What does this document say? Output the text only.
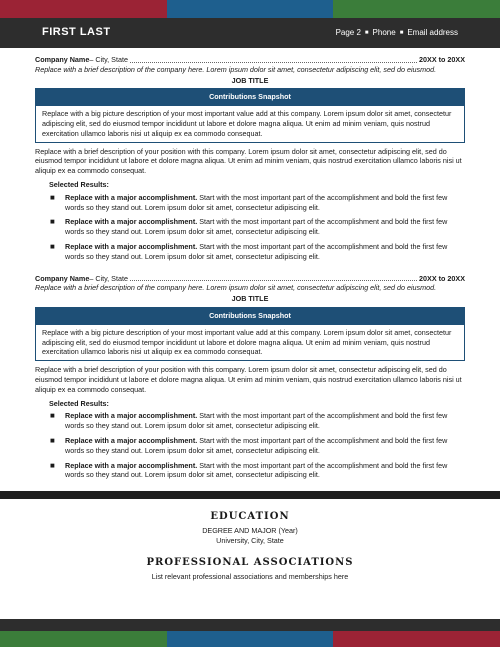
FIRST LAST	Page 2 ■ Phone ■ Email address
Company Name – City, State	20XX to 20XX
Replace with a brief description of the company here. Lorem ipsum dolor sit amet, consectetur adipiscing elit, sed do eiusmod.
JOB TITLE
Contributions Snapshot
Replace with a big picture description of your most important value add at this company. Lorem ipsum dolor sit amet, consectetur adipiscing elit, sed do eiusmod tempor incididunt ut labore et dolore magna aliqua. Ut enim ad minim veniam, quis nostrud exercitation ullamco laboris nisi ut aliquip ex ea commodo consequat.
Replace with a brief description of your position with this company. Lorem ipsum dolor sit amet, consectetur adipiscing elit, sed do eiusmod tempor incididunt ut labore et dolore magna aliqua. Ut enim ad minim veniam, quis nostrud exercitation ullamco laboris nisi ut aliquip ex ea commodo consequat.
Selected Results:
■ Replace with a major accomplishment. Start with the most important part of the accomplishment and bold the first few words so they stand out. Lorem ipsum dolor sit amet, consectetur adipiscing elit.
■ Replace with a major accomplishment. Start with the most important part of the accomplishment and bold the first few words so they stand out. Lorem ipsum dolor sit amet, consectetur adipiscing elit.
■ Replace with a major accomplishment. Start with the most important part of the accomplishment and bold the first few words so they stand out. Lorem ipsum dolor sit amet, consectetur adipiscing elit.
Company Name – City, State	20XX to 20XX
Replace with a brief description of the company here. Lorem ipsum dolor sit amet, consectetur adipiscing elit, sed do eiusmod.
JOB TITLE
Contributions Snapshot
Replace with a big picture description of your most important value add at this company. Lorem ipsum dolor sit amet, consectetur adipiscing elit, sed do eiusmod tempor incididunt ut labore et dolore magna aliqua. Ut enim ad minim veniam, quis nostrud exercitation ullamco laboris nisi ut aliquip ex ea commodo consequat.
Replace with a brief description of your position with this company. Lorem ipsum dolor sit amet, consectetur adipiscing elit, sed do eiusmod tempor incididunt ut labore et dolore magna aliqua. Ut enim ad minim veniam, quis nostrud exercitation ullamco laboris nisi ut aliquip ex ea commodo consequat.
Selected Results:
■ Replace with a major accomplishment. Start with the most important part of the accomplishment and bold the first few words so they stand out. Lorem ipsum dolor sit amet, consectetur adipiscing elit.
■ Replace with a major accomplishment. Start with the most important part of the accomplishment and bold the first few words so they stand out. Lorem ipsum dolor sit amet, consectetur adipiscing elit.
■ Replace with a major accomplishment. Start with the most important part of the accomplishment and bold the first few words so they stand out. Lorem ipsum dolor sit amet, consectetur adipiscing elit.
EDUCATION
DEGREE AND MAJOR (Year)
University, City, State
PROFESSIONAL ASSOCIATIONS
List relevant professional associations and memberships here
